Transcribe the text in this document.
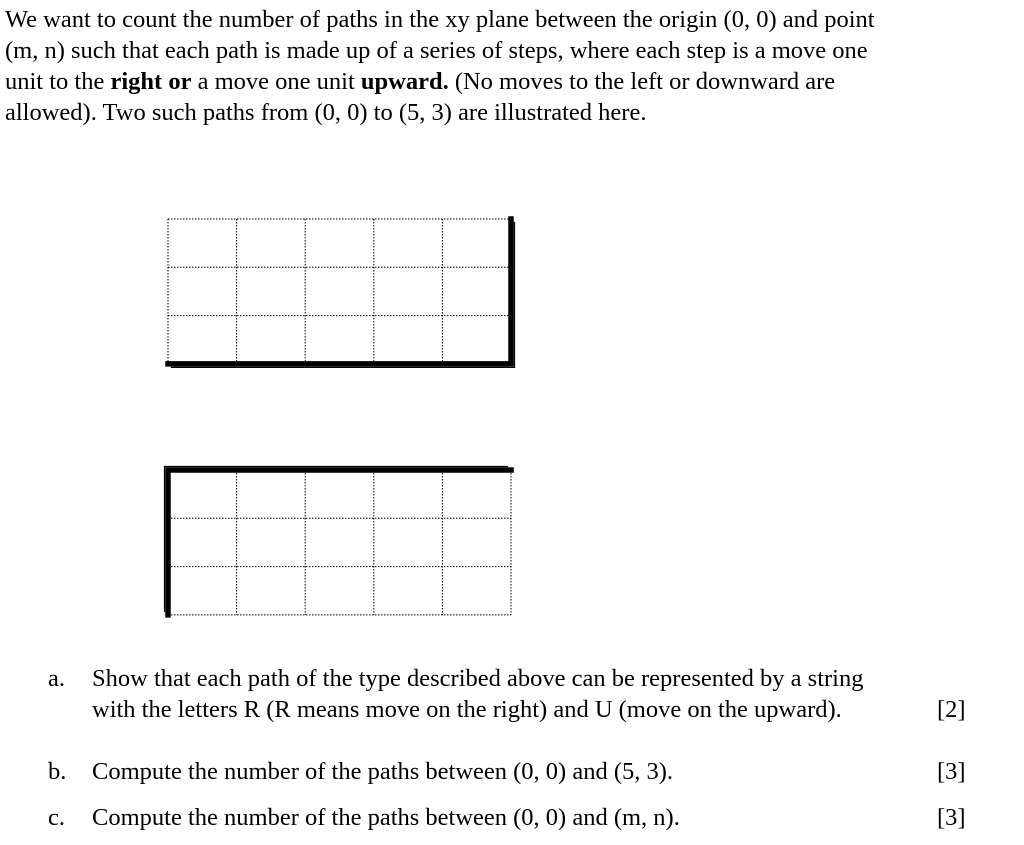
We want to count the number of paths in the xy plane between the origin (0, 0) and point

(m, n) such that each path is made up of a series of steps, where each step is a move one

unit to the right or a move one unit upward. (No moves to the left or downward are

allowed). Two such paths from (0, 0) to (5, 3) are illustrated here.

a. Show that each path of the type described above can be represented by a string
with the letters R (R means move on the right) and U (move on the upward).	[2]
b. Compute the number of the paths between (0, 0) and (5, 3).	[3]
c. Compute the number of the paths between (0, 0) and (m, n).	[3]
